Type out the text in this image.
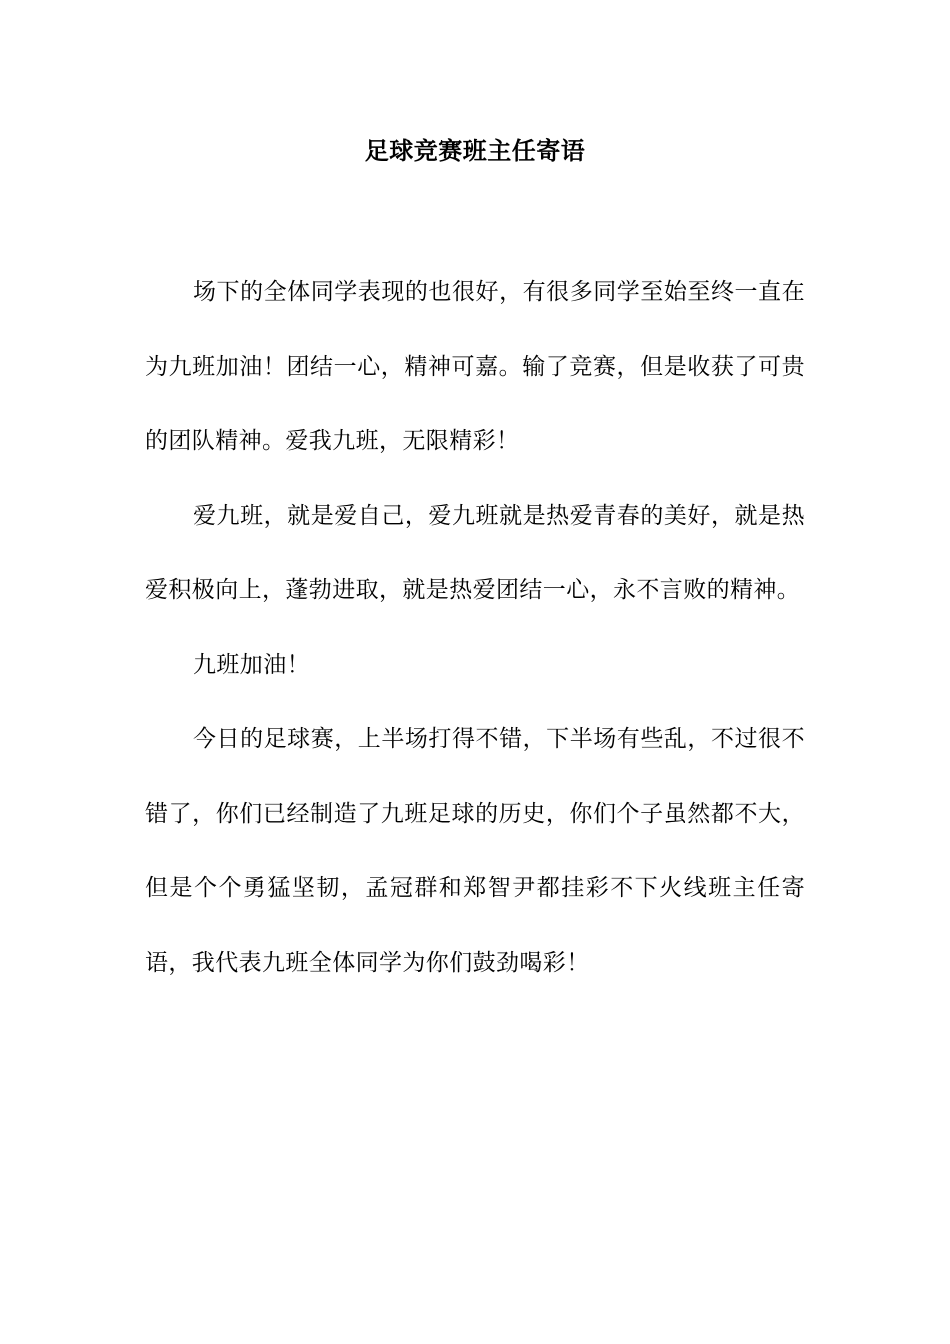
足球竞赛班主任寄语

场下的全体同学表现的也很好，有很多同学至始至终一直在为九班加油！团结一心，精神可嘉。输了竞赛，但是收获了可贵的团队精神。爱我九班，无限精彩！

爱九班，就是爱自己，爱九班就是热爱青春的美好，就是热爱积极向上，蓬勃进取，就是热爱团结一心，永不言败的精神。

九班加油！

今日的足球赛，上半场打得不错，下半场有些乱，不过很不错了，你们已经制造了九班足球的历史，你们个子虽然都不大，但是个个勇猛坚韧，孟冠群和郑智尹都挂彩不下火线班主任寄语，我代表九班全体同学为你们鼓劲喝彩！
